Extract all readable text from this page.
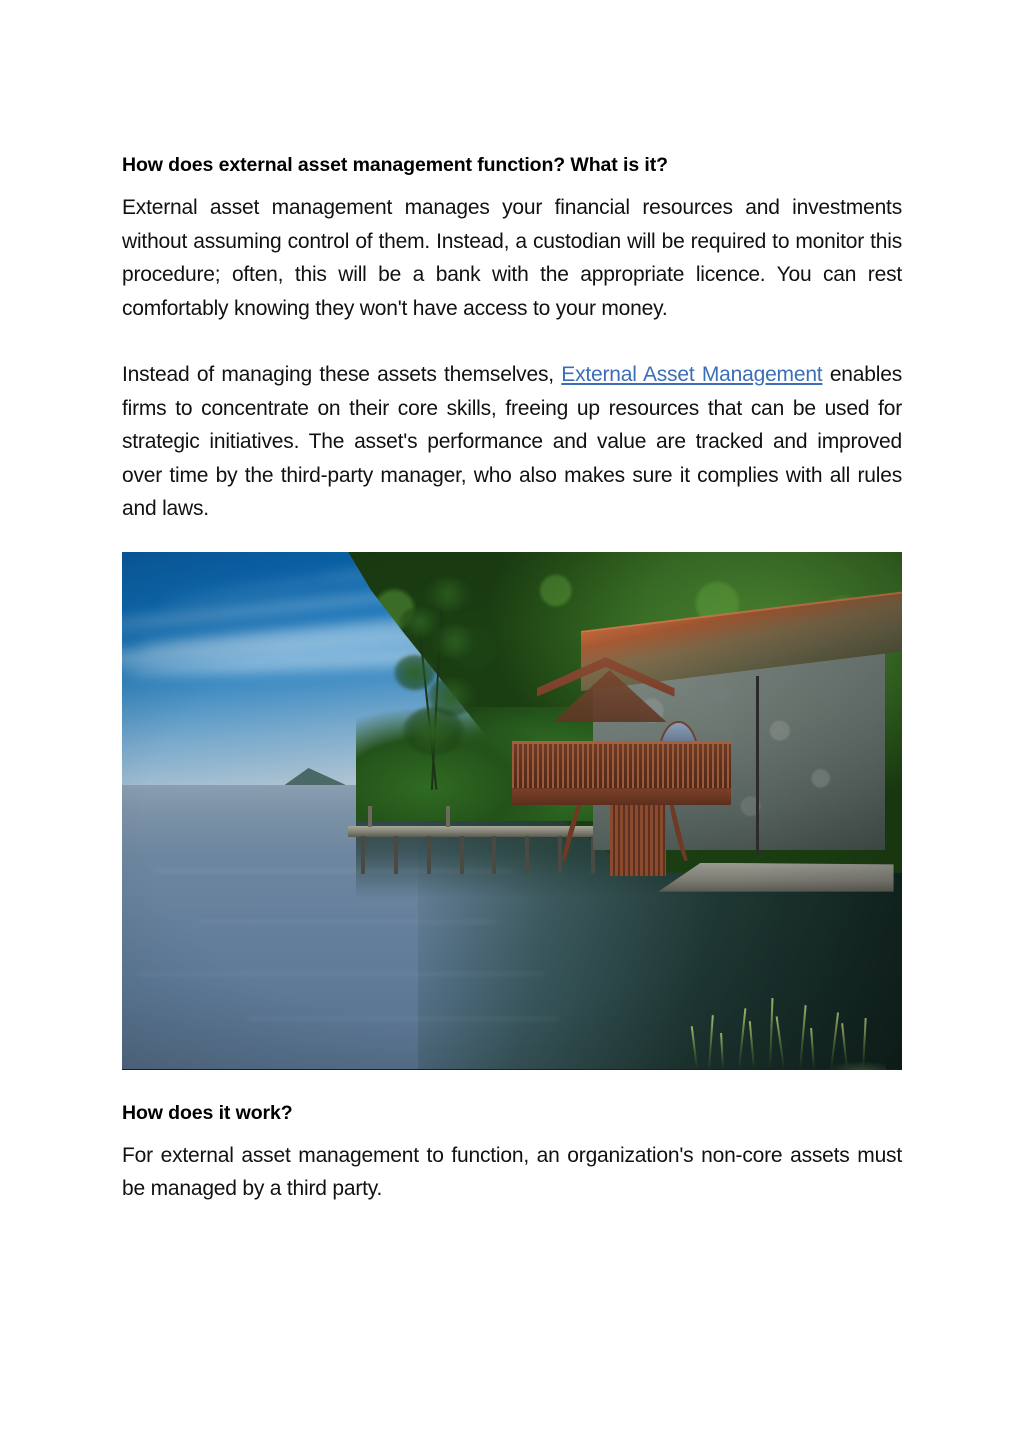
How does external asset management function? What is it?

External asset management manages your financial resources and investments without assuming control of them. Instead, a custodian will be required to monitor this procedure; often, this will be a bank with the appropriate licence. You can rest comfortably knowing they won't have access to your money.

Instead of managing these assets themselves, External Asset Management enables firms to concentrate on their core skills, freeing up resources that can be used for strategic initiatives. The asset's performance and value are tracked and improved over time by the third-party manager, who also makes sure it complies with all rules and laws.

How does it work?

For external asset management to function, an organization's non-core assets must be managed by a third party.
